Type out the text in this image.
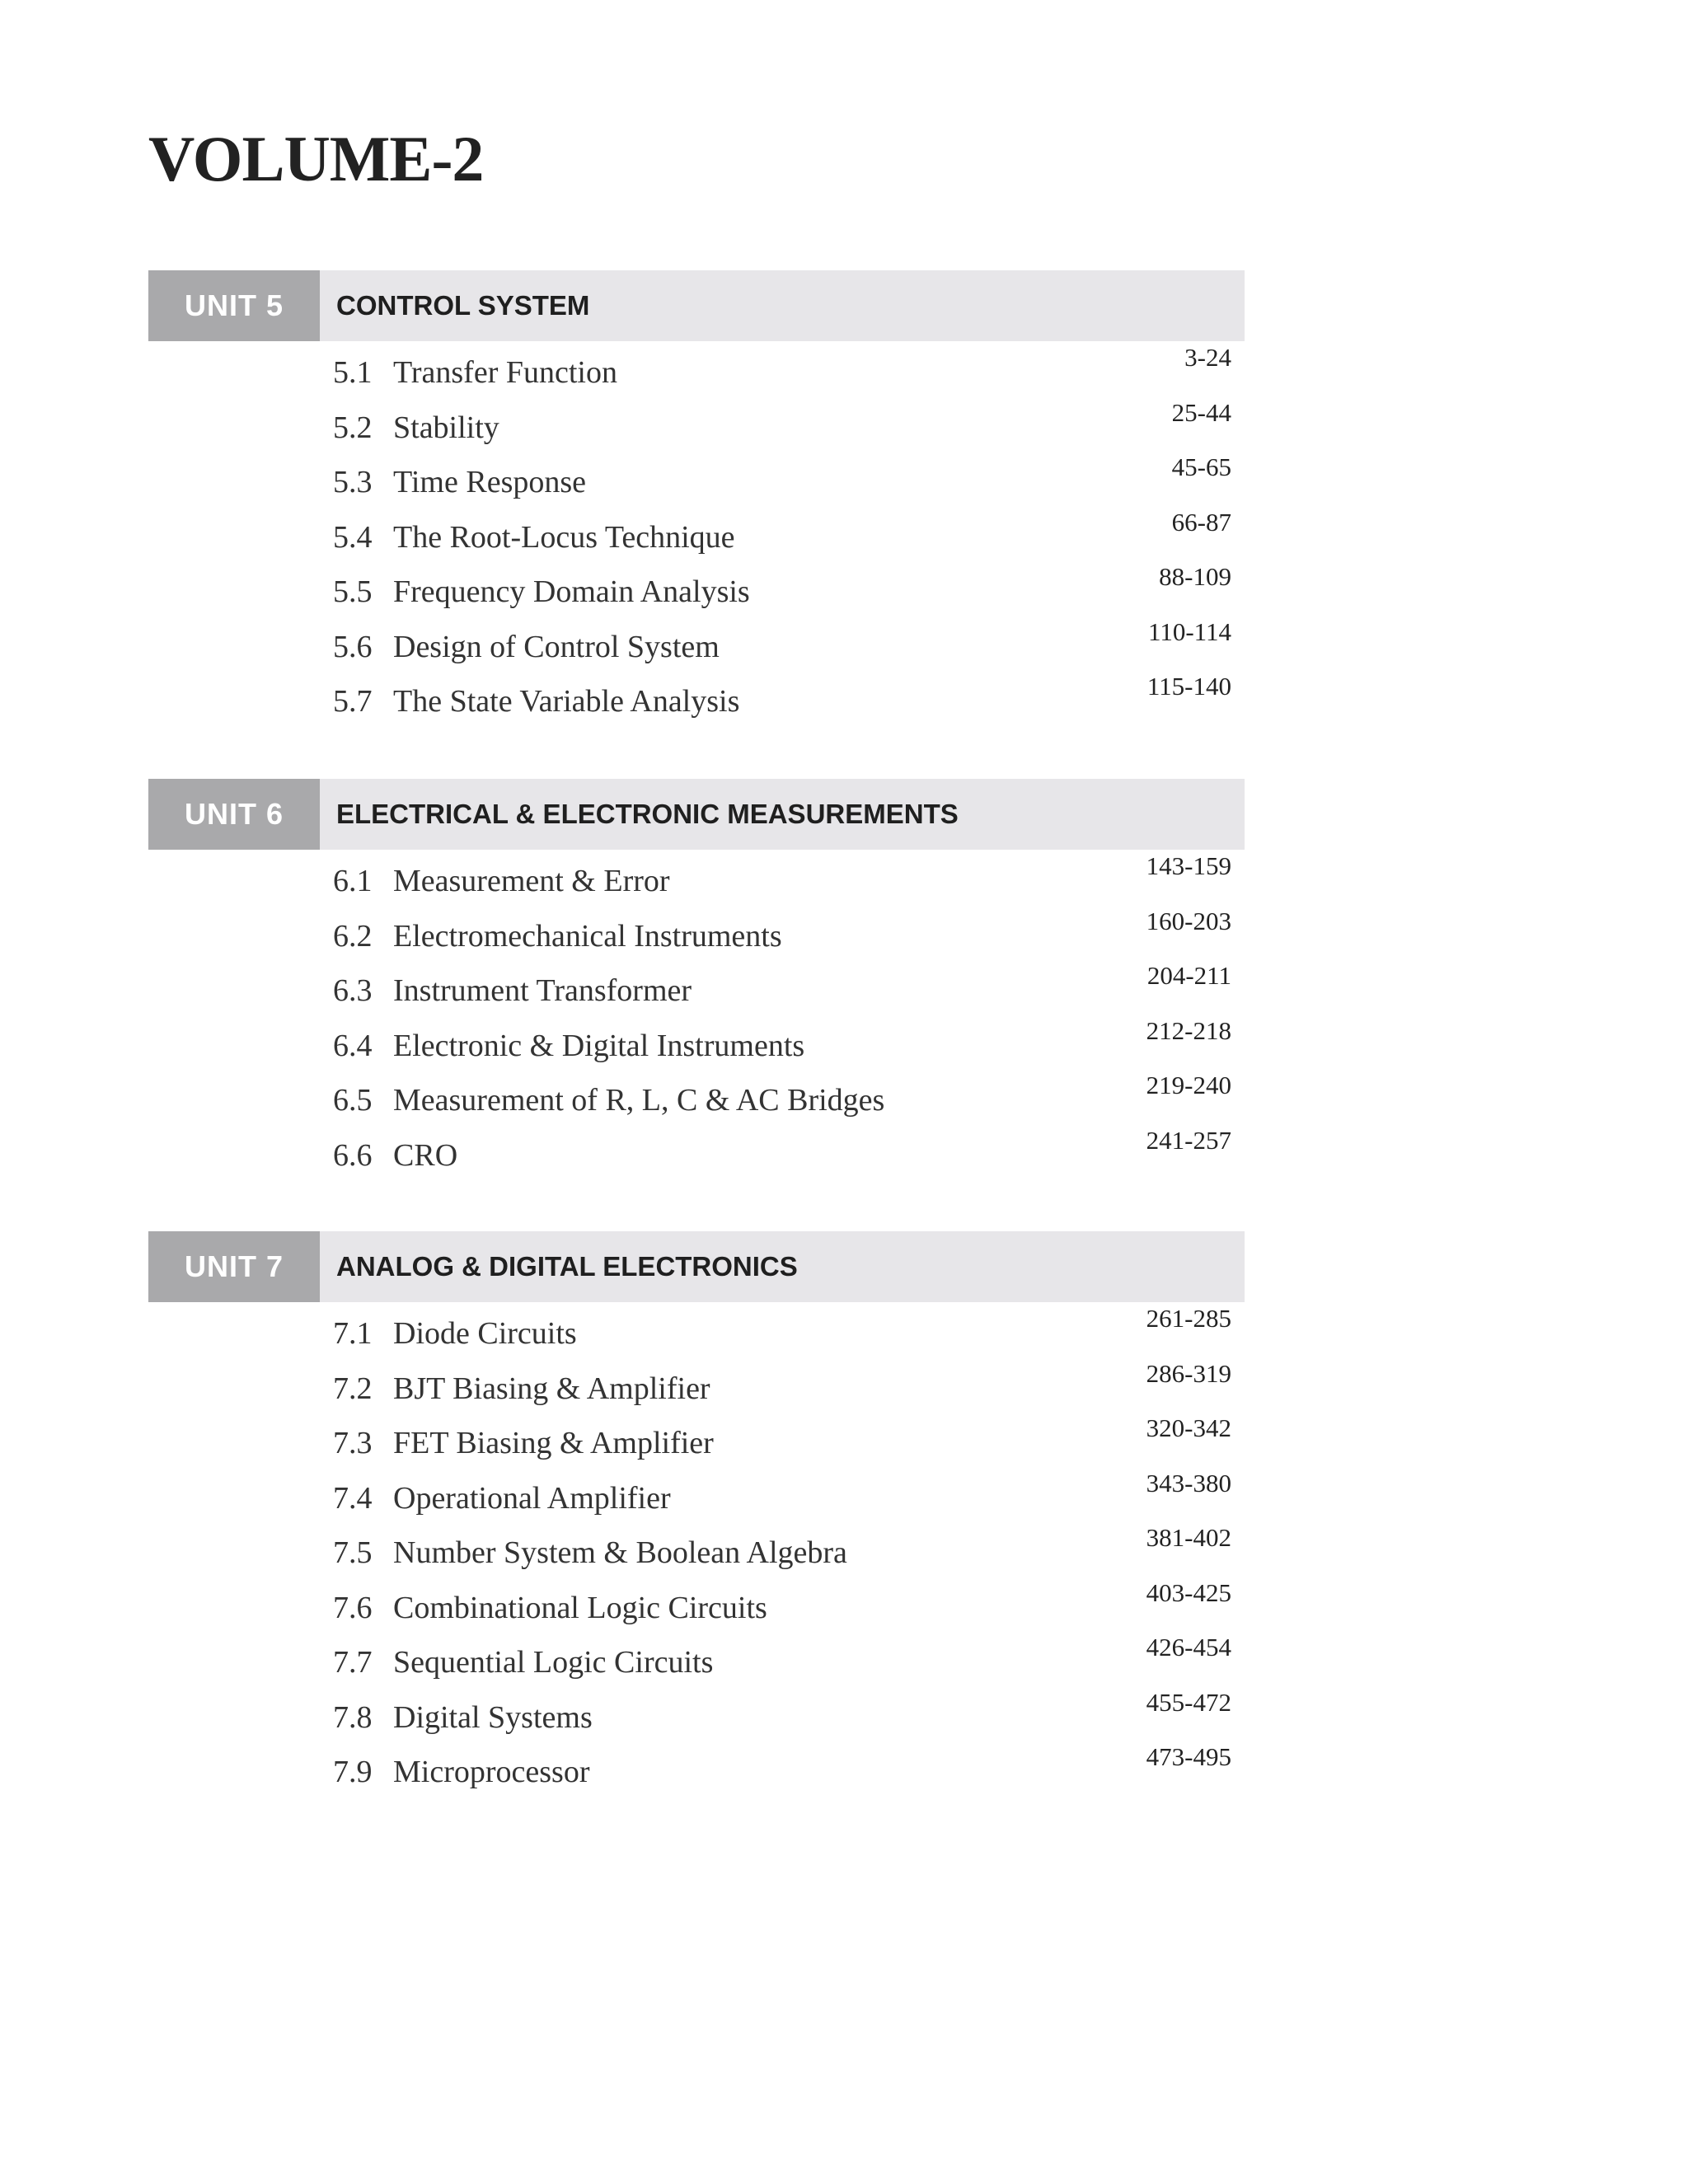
VOLUME-2
UNIT 5	CONTROL SYSTEM
5.1 Transfer Function	3-24
5.2 Stability	25-44
5.3 Time Response	45-65
5.4 The Root-Locus Technique	66-87
5.5 Frequency Domain Analysis	88-109
5.6 Design of Control System	110-114
5.7 The State Variable Analysis	115-140
UNIT 6	ELECTRICAL & ELECTRONIC MEASUREMENTS
6.1 Measurement & Error	143-159
6.2 Electromechanical Instruments	160-203
6.3 Instrument Transformer	204-211
6.4 Electronic & Digital Instruments	212-218
6.5 Measurement of R, L, C & AC Bridges	219-240
6.6 CRO	241-257
UNIT 7	ANALOG & DIGITAL ELECTRONICS
7.1 Diode Circuits	261-285
7.2 BJT Biasing & Amplifier	286-319
7.3 FET Biasing & Amplifier	320-342
7.4 Operational Amplifier	343-380
7.5 Number System & Boolean Algebra	381-402
7.6 Combinational Logic Circuits	403-425
7.7 Sequential Logic Circuits	426-454
7.8 Digital Systems	455-472
7.9 Microprocessor	473-495
